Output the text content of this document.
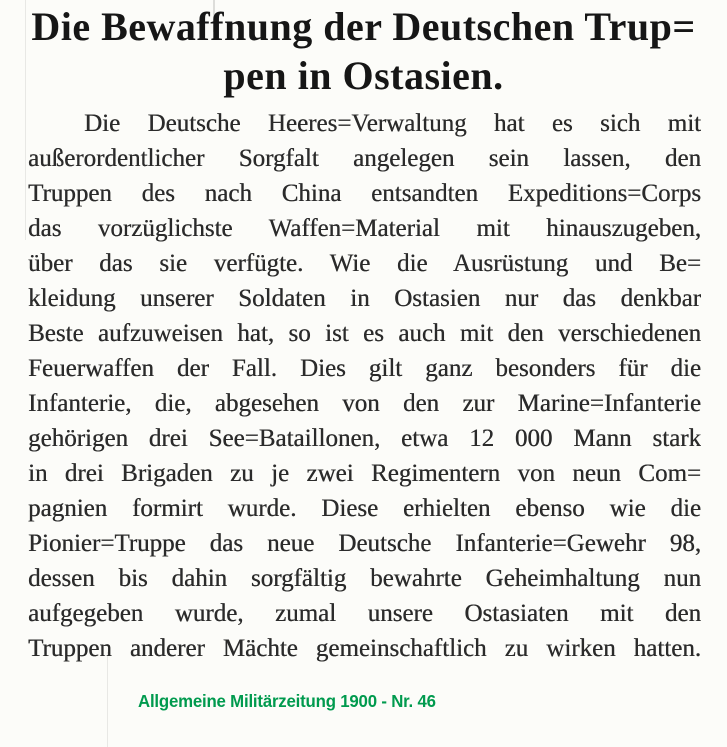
Die Bewaffnung der Deutschen Trup=
pen in Ostasien.
Die Deutsche Heeres=Verwaltung hat es sich mit
außerordentlicher Sorgfalt angelegen sein lassen, den
Truppen des nach China entsandten Expeditions=Corps
das vorzüglichste Waffen=Material mit hinauszugeben,
über das sie verfügte. Wie die Ausrüstung und Be=
kleidung unserer Soldaten in Ostasien nur das denkbar
Beste aufzuweisen hat, so ist es auch mit den verschiedenen
Feuerwaffen der Fall. Dies gilt ganz besonders für die
Infanterie, die, abgesehen von den zur Marine=Infanterie
gehörigen drei See=Bataillonen, etwa 12 000 Mann stark
in drei Brigaden zu je zwei Regimentern von neun Com=
pagnien formirt wurde. Diese erhielten ebenso wie die
Pionier=Truppe das neue Deutsche Infanterie=Gewehr 98,
dessen bis dahin sorgfältig bewahrte Geheimhaltung nun
aufgegeben wurde, zumal unsere Ostasiaten mit den
Truppen anderer Mächte gemeinschaftlich zu wirken hatten.
Allgemeine Militärzeitung 1900 - Nr. 46
